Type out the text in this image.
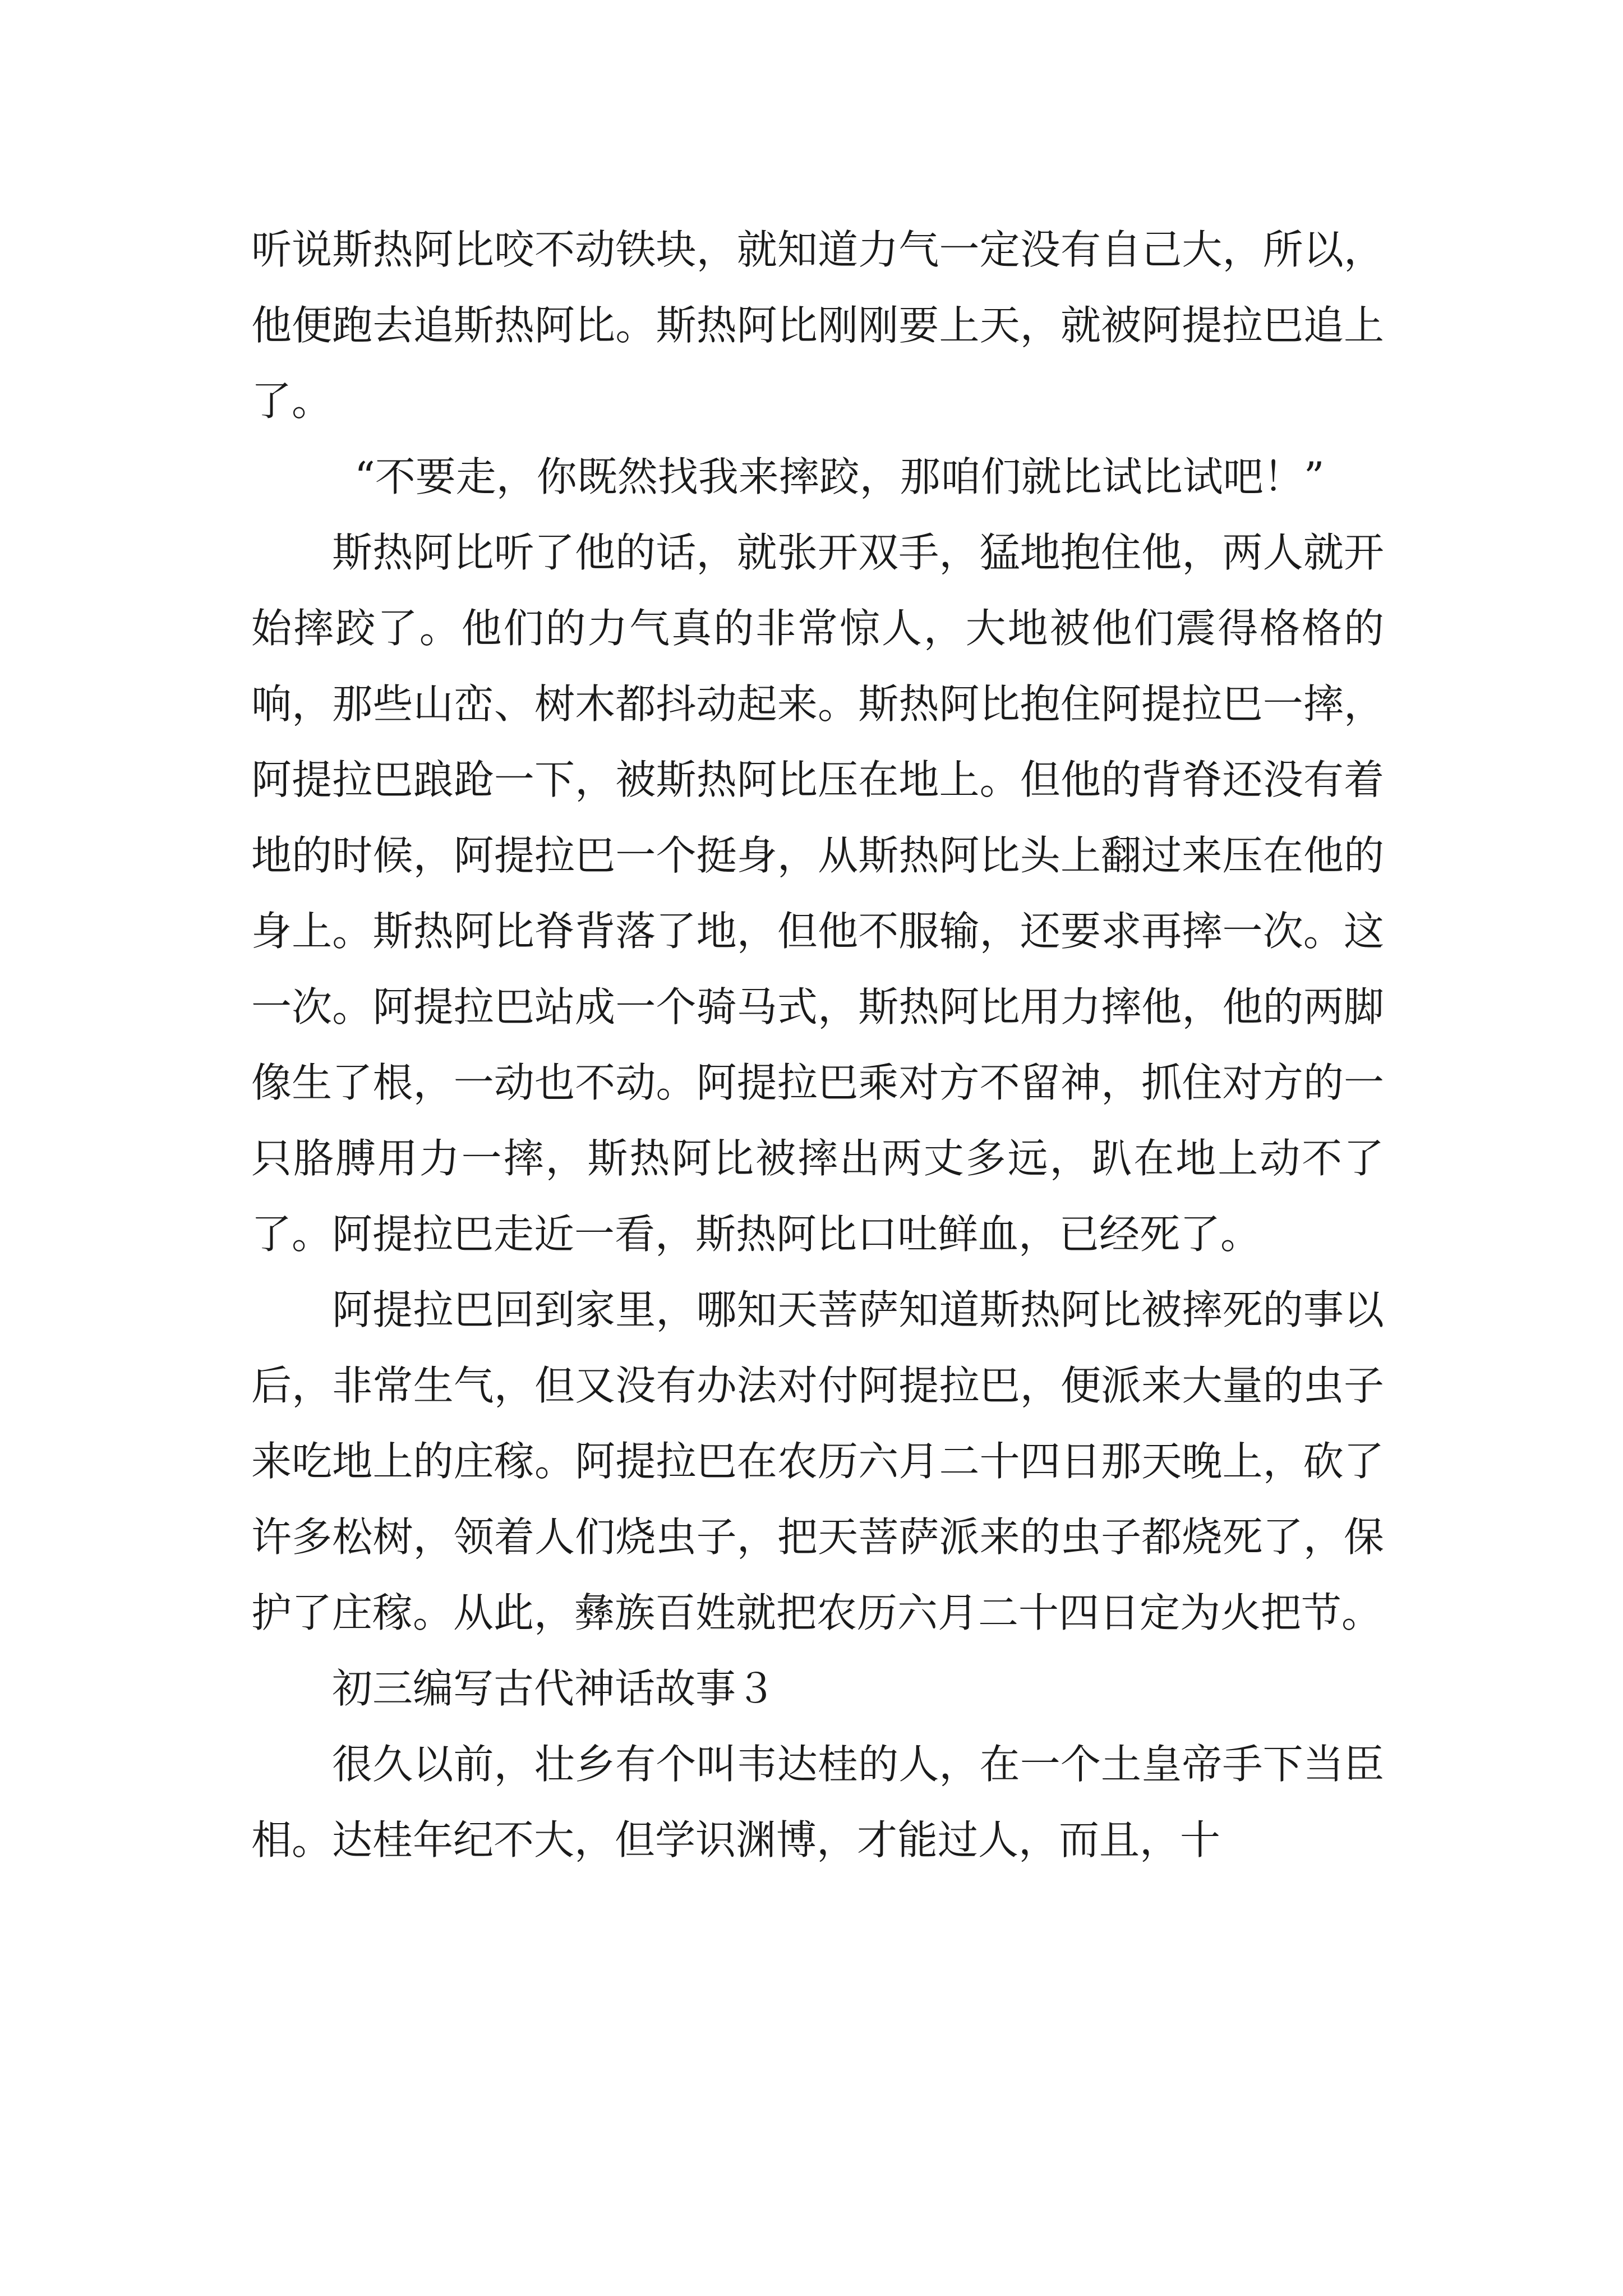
听说斯热阿比咬不动铁块，就知道力气一定没有自己大，所以，他便跑去追斯热阿比。斯热阿比刚刚要上天，就被阿提拉巴追上了。

“不要走，你既然找我来摔跤，那咱们就比试比试吧！”

斯热阿比听了他的话，就张开双手，猛地抱住他，两人就开始摔跤了。他们的力气真的非常惊人，大地被他们震得格格的响，那些山峦、树木都抖动起来。斯热阿比抱住阿提拉巴一摔，阿提拉巴踉跄一下，被斯热阿比压在地上。但他的背脊还没有着地的时候，阿提拉巴一个挺身，从斯热阿比头上翻过来压在他的身上。斯热阿比脊背落了地，但他不服输，还要求再摔一次。这一次。阿提拉巴站成一个骑马式，斯热阿比用力摔他，他的两脚像生了根，一动也不动。阿提拉巴乘对方不留神，抓住对方的一只胳膊用力一摔，斯热阿比被摔出两丈多远，趴在地上动不了了。阿提拉巴走近一看，斯热阿比口吐鲜血，已经死了。

阿提拉巴回到家里，哪知天菩萨知道斯热阿比被摔死的事以后，非常生气，但又没有办法对付阿提拉巴，便派来大量的虫子来吃地上的庄稼。阿提拉巴在农历六月二十四日那天晚上，砍了许多松树，领着人们烧虫子，把天菩萨派来的虫子都烧死了，保护了庄稼。从此，彝族百姓就把农历六月二十四日定为火把节。

初三编写古代神话故事３

很久以前，壮乡有个叫韦达桂的人，在一个土皇帝手下当臣相。达桂年纪不大，但学识渊博，才能过人，而且，十
